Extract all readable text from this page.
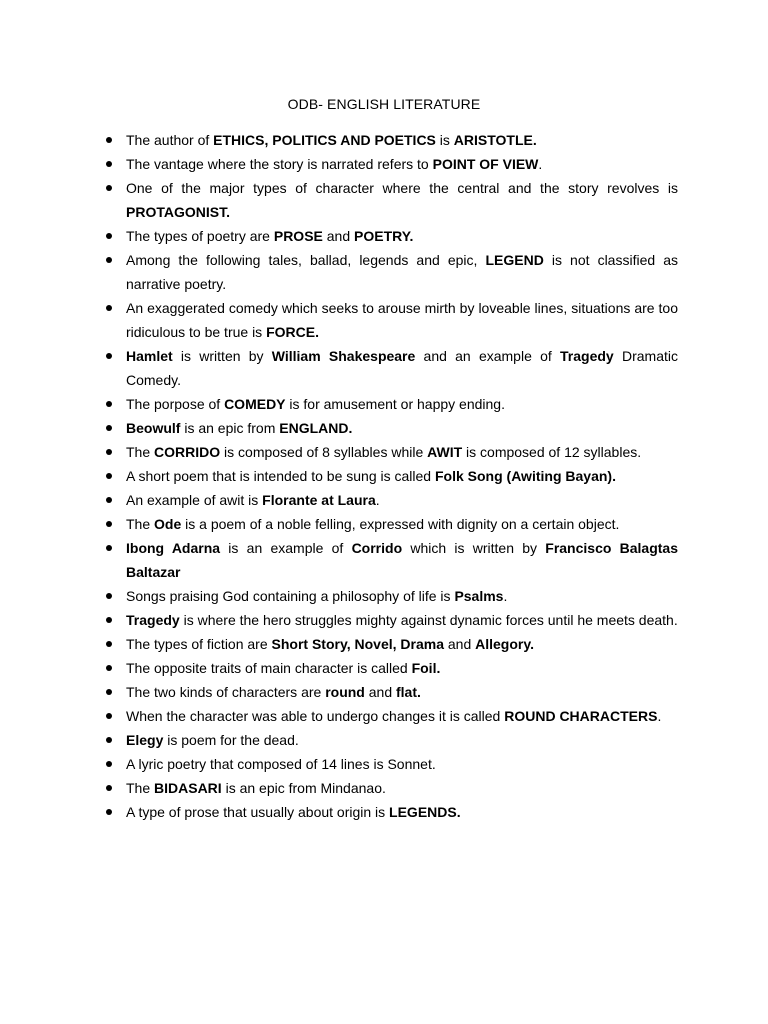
ODB- ENGLISH LITERATURE
The author of ETHICS, POLITICS AND POETICS is ARISTOTLE.
The vantage where the story is narrated refers to POINT OF VIEW.
One of the major types of character where the central and the story revolves is PROTAGONIST.
The types of poetry are PROSE and POETRY.
Among the following tales, ballad, legends and epic, LEGEND is not classified as narrative poetry.
An exaggerated comedy which seeks to arouse mirth by loveable lines, situations are too ridiculous to be true is FORCE.
Hamlet is written by William Shakespeare and an example of Tragedy Dramatic Comedy.
The porpose of COMEDY is for amusement or happy ending.
Beowulf is an epic from ENGLAND.
The CORRIDO is composed of 8 syllables while AWIT is composed of 12 syllables.
A short poem that is intended to be sung is called Folk Song (Awiting Bayan).
An example of awit is Florante at Laura.
The Ode is a poem of a noble felling, expressed with dignity on a certain object.
Ibong Adarna is an example of Corrido which is written by Francisco Balagtas Baltazar
Songs praising God containing a philosophy of life is Psalms.
Tragedy is where the hero struggles mighty against dynamic forces until he meets death.
The types of fiction are Short Story, Novel, Drama and Allegory.
The opposite traits of main character is called Foil.
The two kinds of characters are round and flat.
When the character was able to undergo changes it is called ROUND CHARACTERS.
Elegy is poem for the dead.
A lyric poetry that composed of 14 lines is Sonnet.
The BIDASARI is an epic from Mindanao.
A type of prose that usually about origin is LEGENDS.
